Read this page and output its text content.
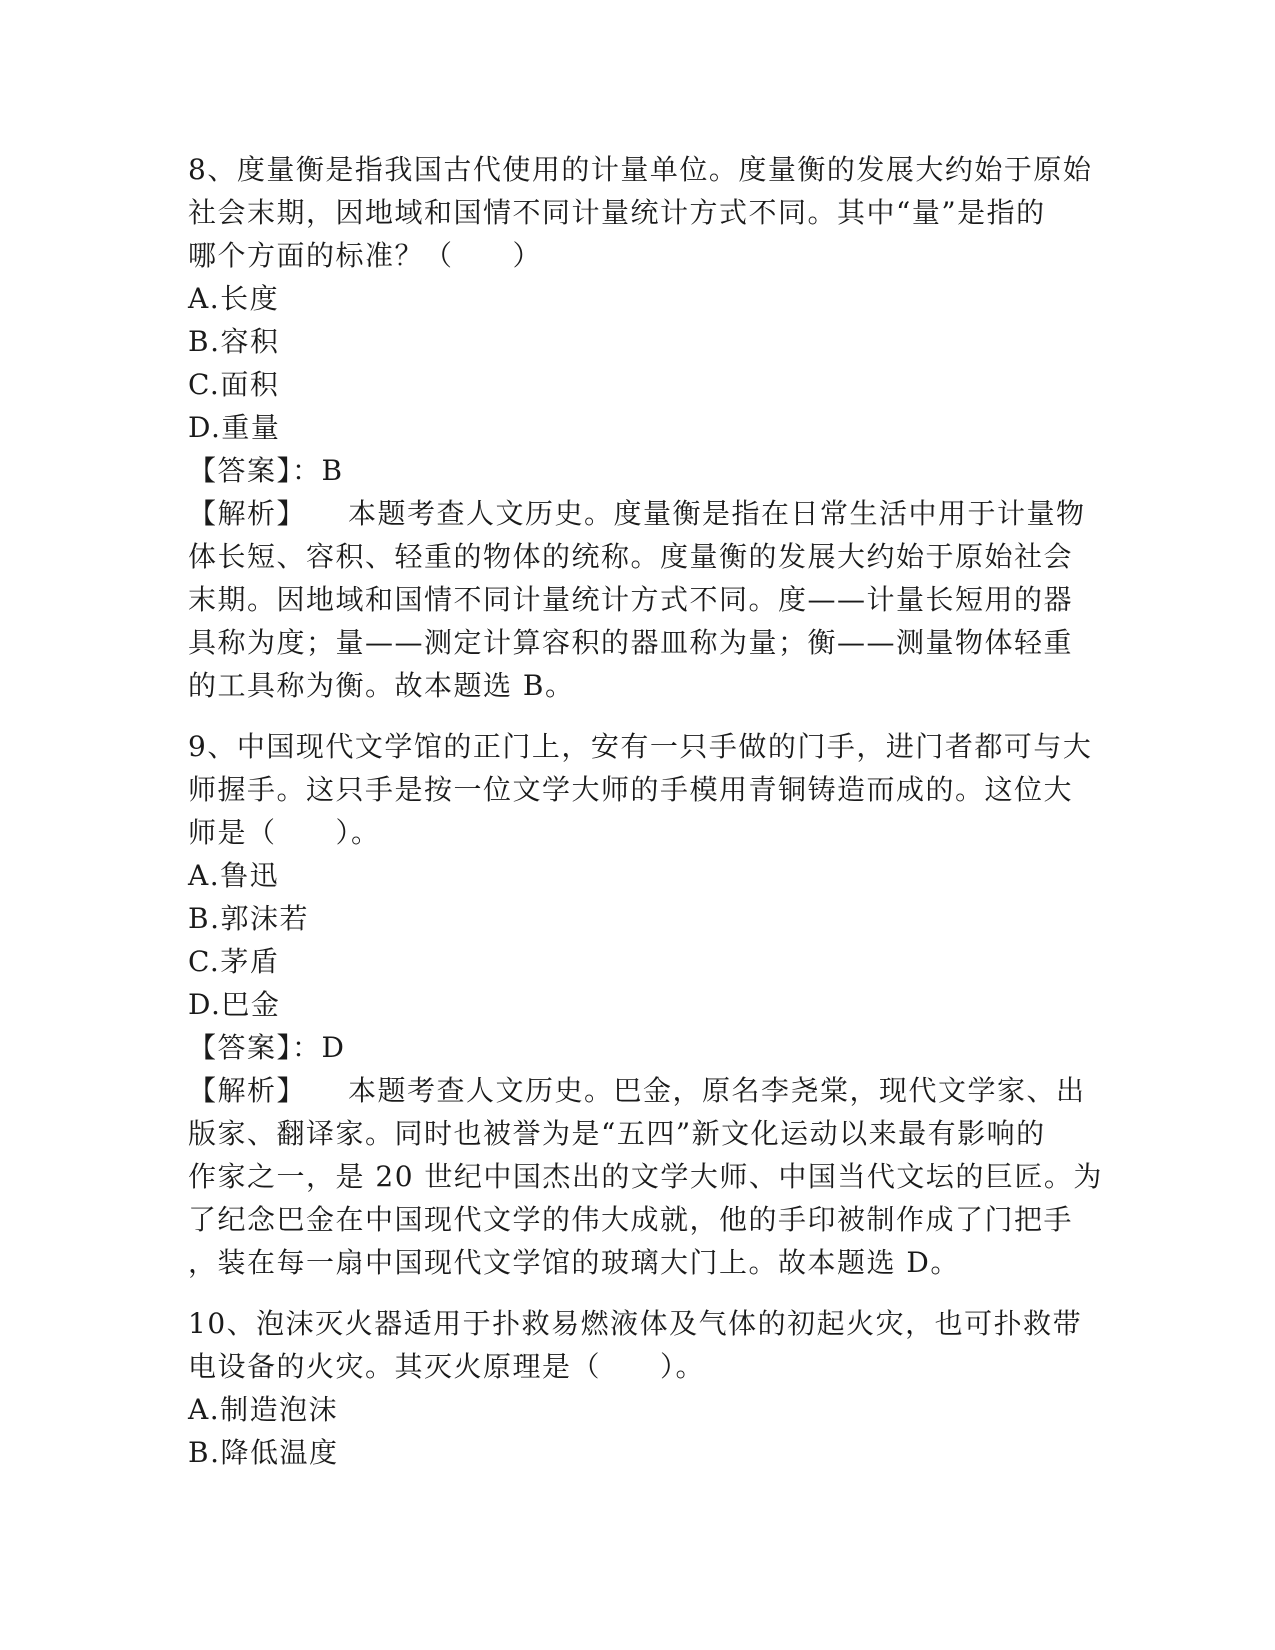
8、度量衡是指我国古代使用的计量单位。度量衡的发展大约始于原始
社会末期，因地域和国情不同计量统计方式不同。其中“量”是指的
哪个方面的标准？（　　）
A.长度
B.容积
C.面积
D.重量
【答案】：B
【解析】 本题考查人文历史。度量衡是指在日常生活中用于计量物
体长短、容积、轻重的物体的统称。度量衡的发展大约始于原始社会
末期。因地域和国情不同计量统计方式不同。度——计量长短用的器
具称为度；量——测定计算容积的器皿称为量；衡——测量物体轻重
的工具称为衡。故本题选 B。
9、中国现代文学馆的正门上，安有一只手做的门手，进门者都可与大
师握手。这只手是按一位文学大师的手模用青铜铸造而成的。这位大
师是（　　）。
A.鲁迅
B.郭沫若
C.茅盾
D.巴金
【答案】：D
【解析】 本题考查人文历史。巴金，原名李尧棠，现代文学家、出
版家、翻译家。同时也被誉为是“五四”新文化运动以来最有影响的
作家之一，是 20 世纪中国杰出的文学大师、中国当代文坛的巨匠。为
了纪念巴金在中国现代文学的伟大成就，他的手印被制作成了门把手
，装在每一扇中国现代文学馆的玻璃大门上。故本题选 D。
10、泡沫灭火器适用于扑救易燃液体及气体的初起火灾，也可扑救带
电设备的火灾。其灭火原理是（　　）。
A.制造泡沫
B.降低温度
